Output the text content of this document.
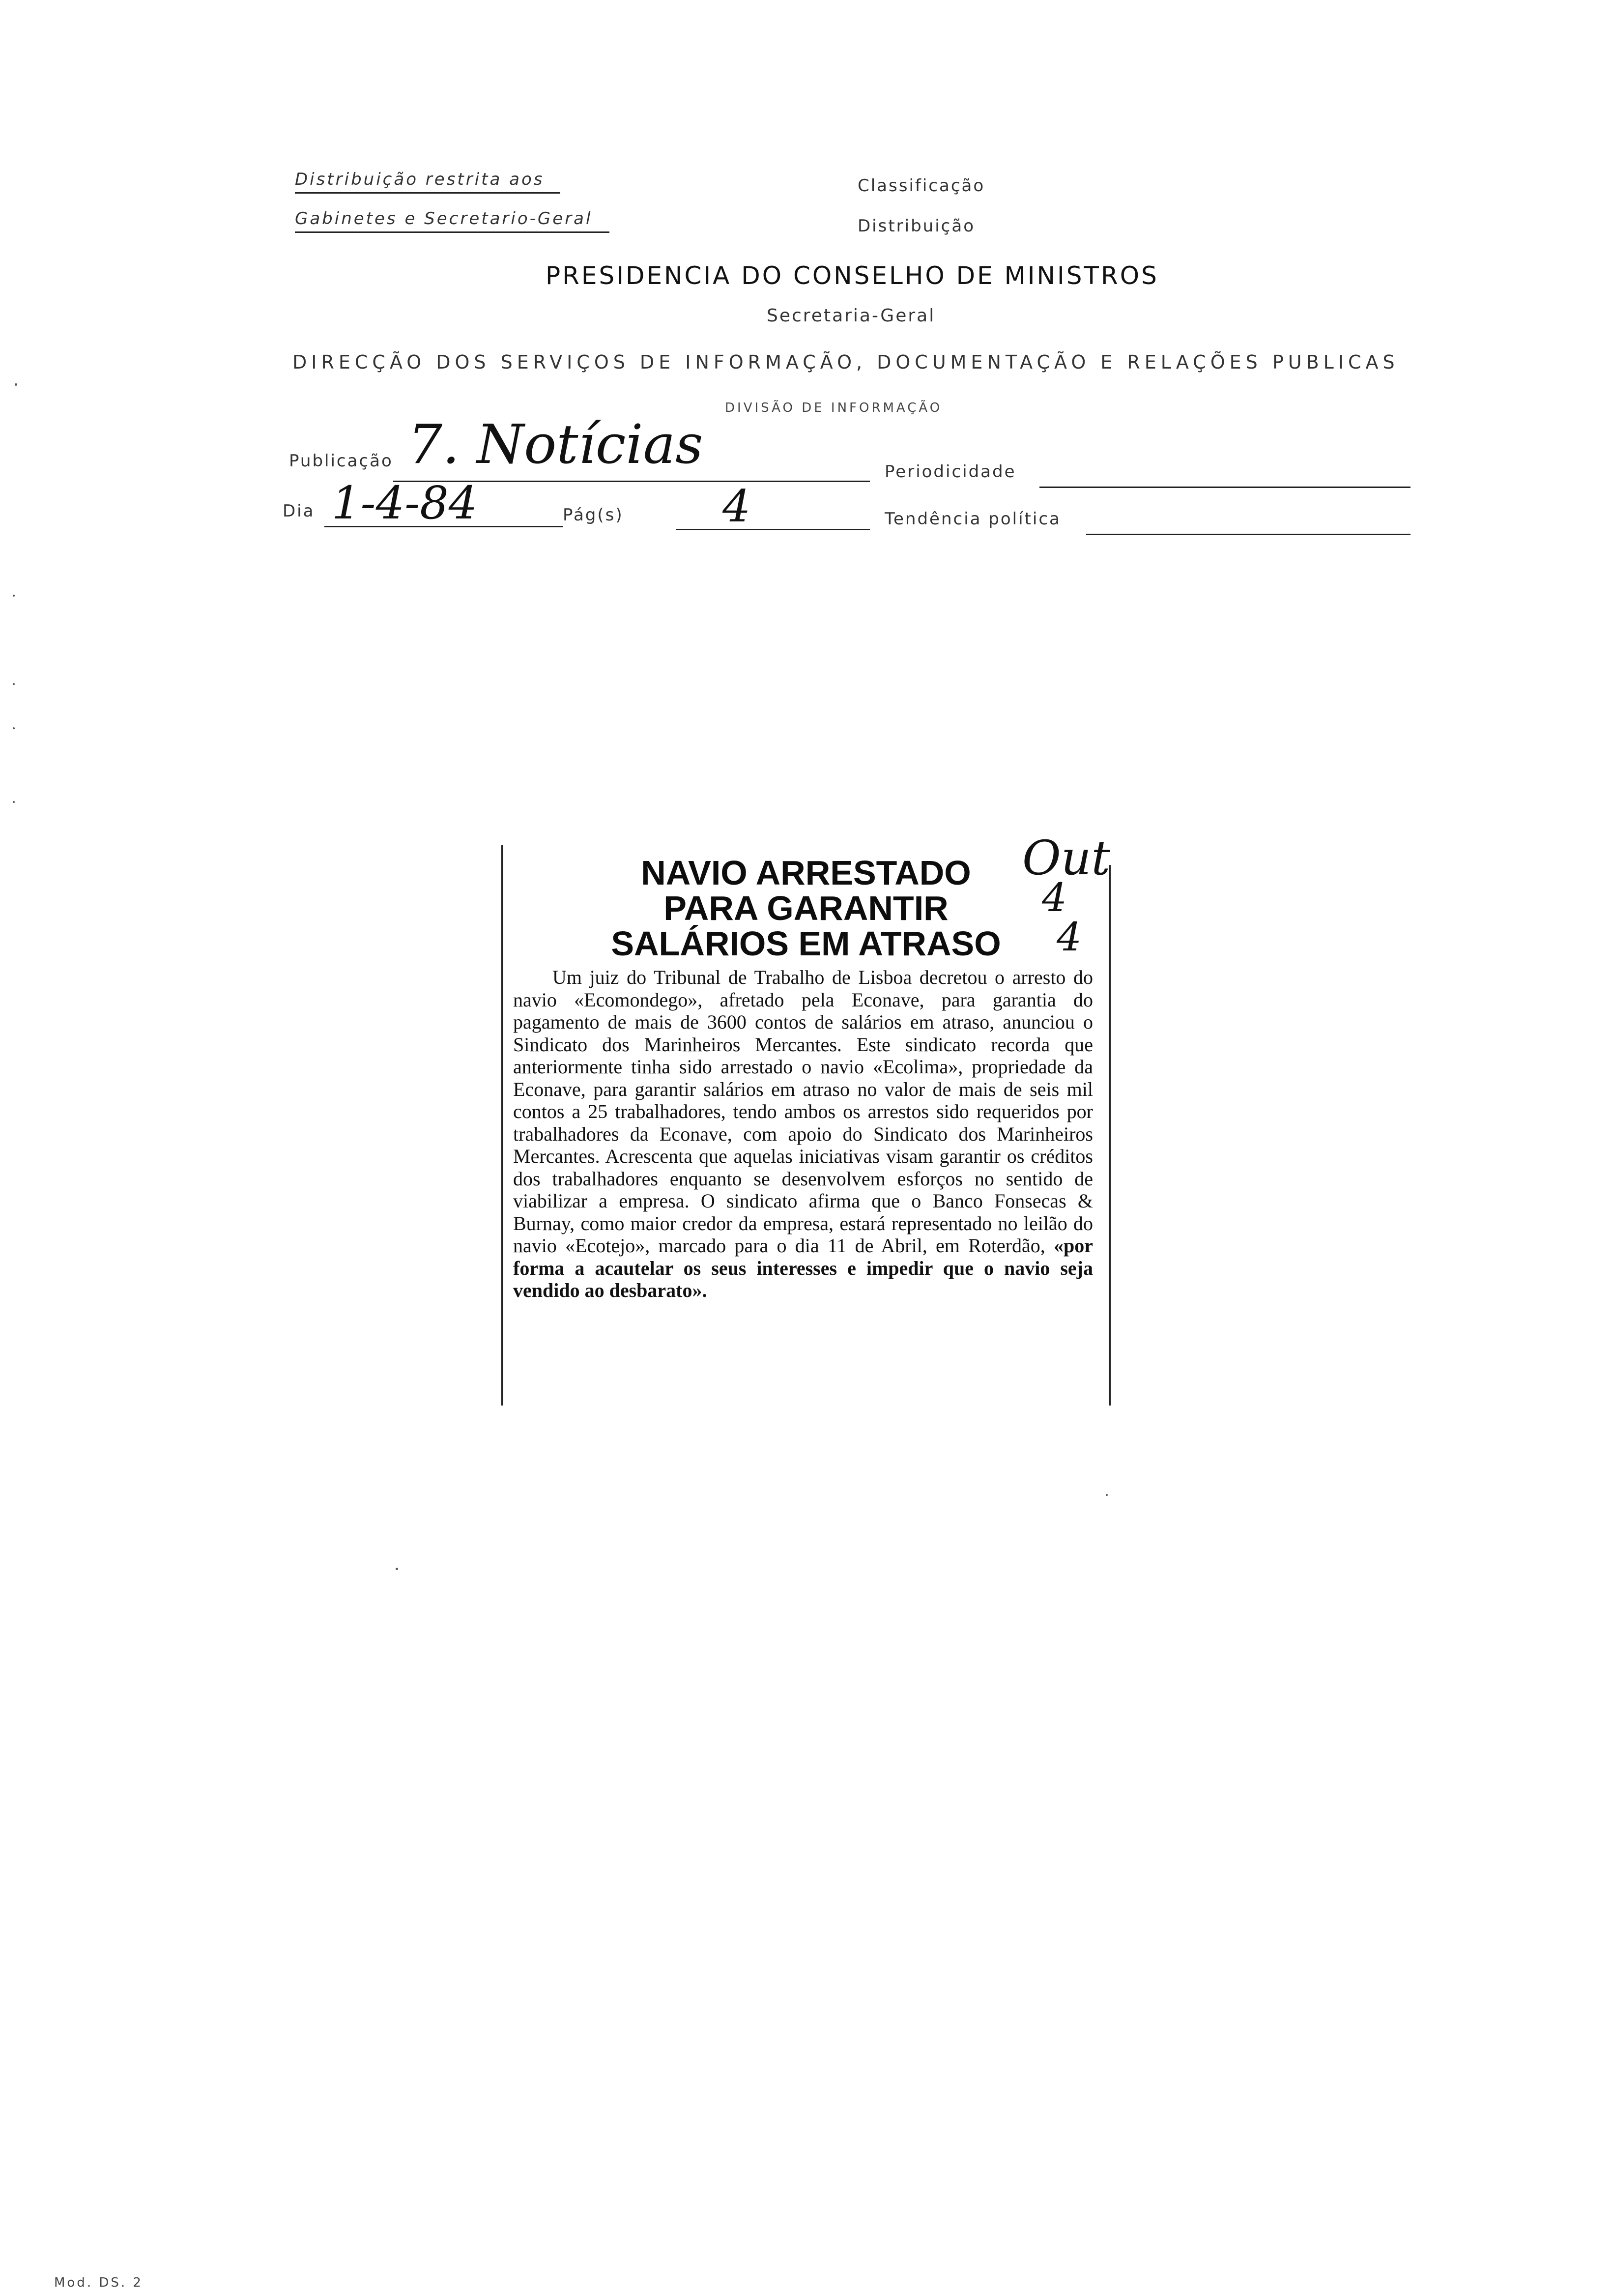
Distribuição restrita aos
Gabinetes e Secretario-Geral
Classificação
Distribuição
PRESIDENCIA DO CONSELHO DE MINISTROS
Secretaria-Geral
DIRECÇÃO DOS SERVIÇOS DE INFORMAÇÃO, DOCUMENTAÇÃO E RELAÇÕES PUBLICAS
DIVISÃO DE INFORMAÇÃO
Publicação 7. Notícias	Periodicidade
Dia 1-4-84	Pág(s) 4	Tendência política
NAVIO ARRESTADO
PARA GARANTIR
SALÁRIOS EM ATRASO
Out
4
4
Um juiz do Tribunal de Trabalho de Lisboa decretou o arresto do navio «Ecomondego», afretado pela Econave, para garantia do pagamento de mais de 3600 contos de salários em atraso, anunciou o Sindicato dos Marinheiros Mercantes. Este sindicato recorda que anteriormente tinha sido arrestado o navio «Ecolima», propriedade da Econave, para garantir salários em atraso no valor de mais de seis mil contos a 25 trabalhadores, tendo ambos os arrestos sido requeridos por trabalhadores da Econave, com apoio do Sindicato dos Marinheiros Mercantes. Acrescenta que aquelas iniciativas visam garantir os créditos dos trabalhadores enquanto se desenvolvem esforços no sentido de viabilizar a empresa. O sindicato afirma que o Banco Fonsecas & Burnay, como maior credor da empresa, estará representado no leilão do navio «Ecotejo», marcado para o dia 11 de Abril, em Roterdão, «por forma a acautelar os seus interesses e impedir que o navio seja vendido ao desbarato».
Mod. DS. 2
